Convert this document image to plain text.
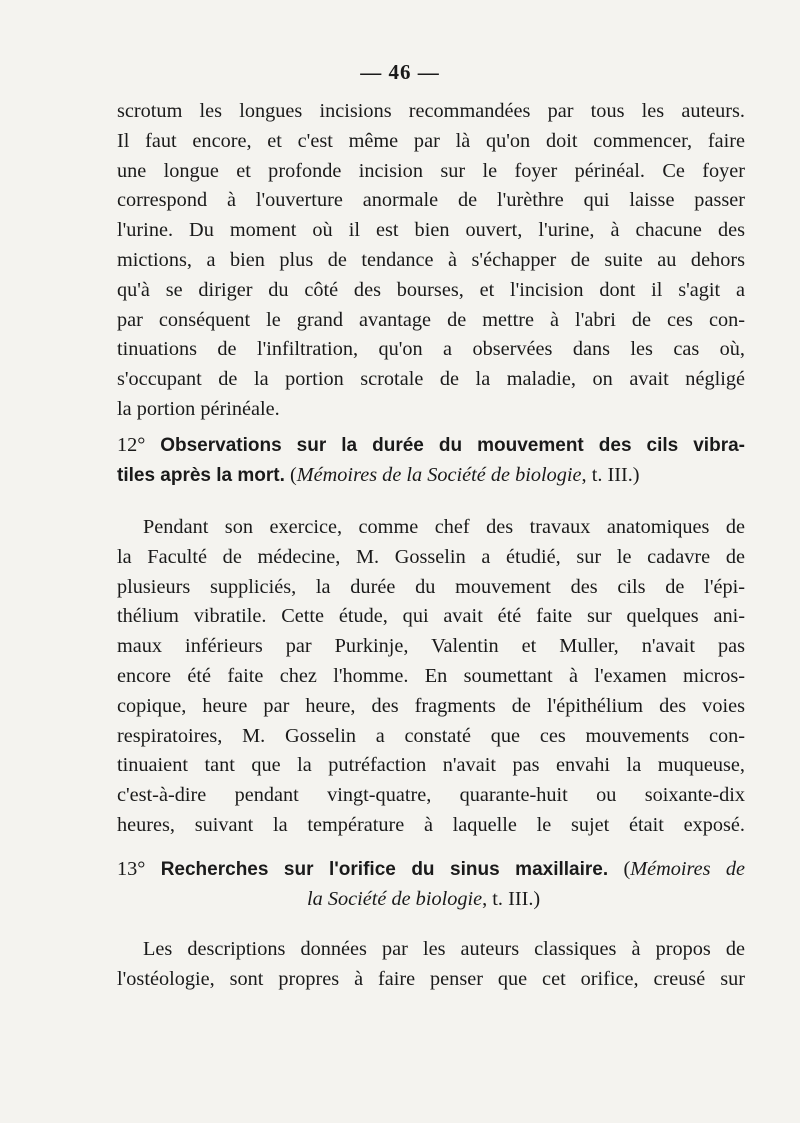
— 46 —
scrotum les longues incisions recommandées par tous les auteurs.
Il faut encore, et c'est même par là qu'on doit commencer, faire
une longue et profonde incision sur le foyer périnéal. Ce foyer
correspond à l'ouverture anormale de l'urèthre qui laisse passer
l'urine. Du moment où il est bien ouvert, l'urine, à chacune des
mictions, a bien plus de tendance à s'échapper de suite au dehors
qu'à se diriger du côté des bourses, et l'incision dont il s'agit a
par conséquent le grand avantage de mettre à l'abri de ces con-
tinuations de l'infiltration, qu'on a observées dans les cas où,
s'occupant de la portion scrotale de la maladie, on avait négligé
la portion périnéale.
12° Observations sur la durée du mouvement des cils vibra-
tiles après la mort. (Mémoires de la Société de biologie, t. III.)
Pendant son exercice, comme chef des travaux anatomiques de
la Faculté de médecine, M. Gosselin a étudié, sur le cadavre de
plusieurs suppliciés, la durée du mouvement des cils de l'épi-
thélium vibratile. Cette étude, qui avait été faite sur quelques ani-
maux inférieurs par Purkinje, Valentin et Muller, n'avait pas
encore été faite chez l'homme. En soumettant à l'examen micros-
copique, heure par heure, des fragments de l'épithélium des voies
respiratoires, M. Gosselin a constaté que ces mouvements con-
tinuaient tant que la putréfaction n'avait pas envahi la muqueuse,
c'est-à-dire pendant vingt-quatre, quarante-huit ou soixante-dix
heures, suivant la température à laquelle le sujet était exposé.
13° Recherches sur l'orifice du sinus maxillaire. (Mémoires de
la Société de biologie, t. III.)
Les descriptions données par les auteurs classiques à propos de
l'ostéologie, sont propres à faire penser que cet orifice, creusé sur
